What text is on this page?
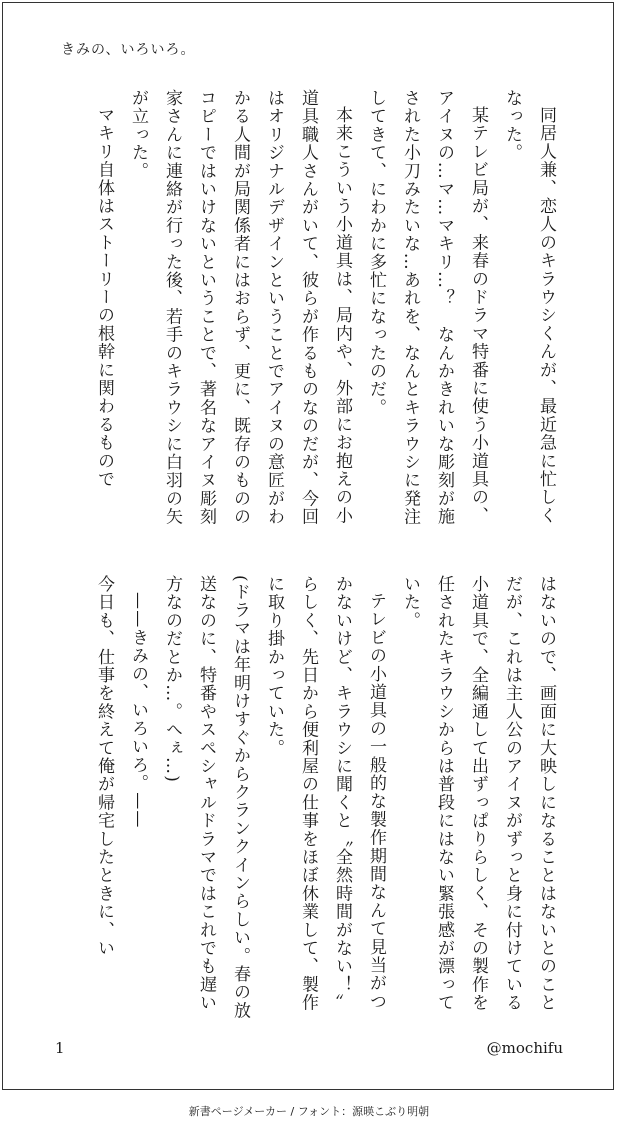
きみの、いろいろ。

同居人兼、恋人のキラウシくんが、最近急に忙しくなった。

某テレビ局が、来春のドラマ特番に使う小道具の、アイヌの…マ…マキリ…？　なんかきれいな彫刻が施された小刀みたいな…あれを、なんとキラウシに発注してきて、にわかに多忙になったのだ。

本来こういう小道具は、局内や、外部にお抱えの小道具職人さんがいて、彼らが作るものなのだが、今回はオリジナルデザインということでアイヌの意匠がわかる人間が局関係者にはおらず、更に、既存のもののコピーではいけないということで、著名なアイヌ彫刻家さんに連絡が行った後、若手のキラウシに白羽の矢が立った。

マキリ自体はストーリーの根幹に関わるもので

はないので、画面に大映しになることはないとのことだが、これは主人公のアイヌがずっと身に付けている小道具で、全編通して出ずっぱりらしく、その製作を任されたキラウシからは普段にはない緊張感が漂っていた。

テレビの小道具の一般的な製作期間なんて見当がつかないけど、キラウシに聞くと〝全然時間がない！〟らしく、先日から便利屋の仕事をほぼ休業して、製作に取り掛かっていた。

(ドラマは年明けすぐからクランクインらしい。春の放送なのに、特番やスペシャルドラマではこれでも遅い方なのだとか…。へぇ…)

——きみの、いろいろ。——

今日も、仕事を終えて俺が帰宅したときに、い

1	@mochifu
新書ページメーカー / フォント：源暎こぶり明朝
